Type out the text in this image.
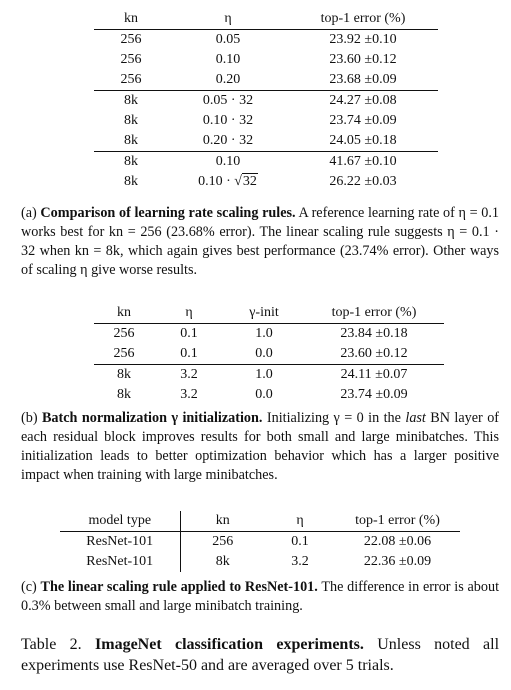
kn	η	top-1 error (%)
256	0.05	23.92 ±0.10
256	0.10	23.60 ±0.12
256	0.20	23.68 ±0.09
8k	0.05 · 32	24.27 ±0.08
8k	0.10 · 32	23.74 ±0.09
8k	0.20 · 32	24.05 ±0.18
8k	0.10	41.67 ±0.10
8k	0.10 · √32	26.22 ±0.03
(a) Comparison of learning rate scaling rules. A reference learning rate of η = 0.1 works best for kn = 256 (23.68% error). The linear scaling rule suggests η = 0.1 · 32 when kn = 8k, which again gives best performance (23.74% error). Other ways of scaling η give worse results.
kn	η	γ-init	top-1 error (%)
256	0.1	1.0	23.84 ±0.18
256	0.1	0.0	23.60 ±0.12
8k	3.2	1.0	24.11 ±0.07
8k	3.2	0.0	23.74 ±0.09
(b) Batch normalization γ initialization. Initializing γ = 0 in the last BN layer of each residual block improves results for both small and large minibatches. This initialization leads to better optimization behavior which has a larger positive impact when training with large minibatches.
model type	kn	η	top-1 error (%)
ResNet-101	256	0.1	22.08 ±0.06
ResNet-101	8k	3.2	22.36 ±0.09
(c) The linear scaling rule applied to ResNet-101. The difference in error is about 0.3% between small and large minibatch training.
Table 2. ImageNet classification experiments. Unless noted all experiments use ResNet-50 and are averaged over 5 trials.
